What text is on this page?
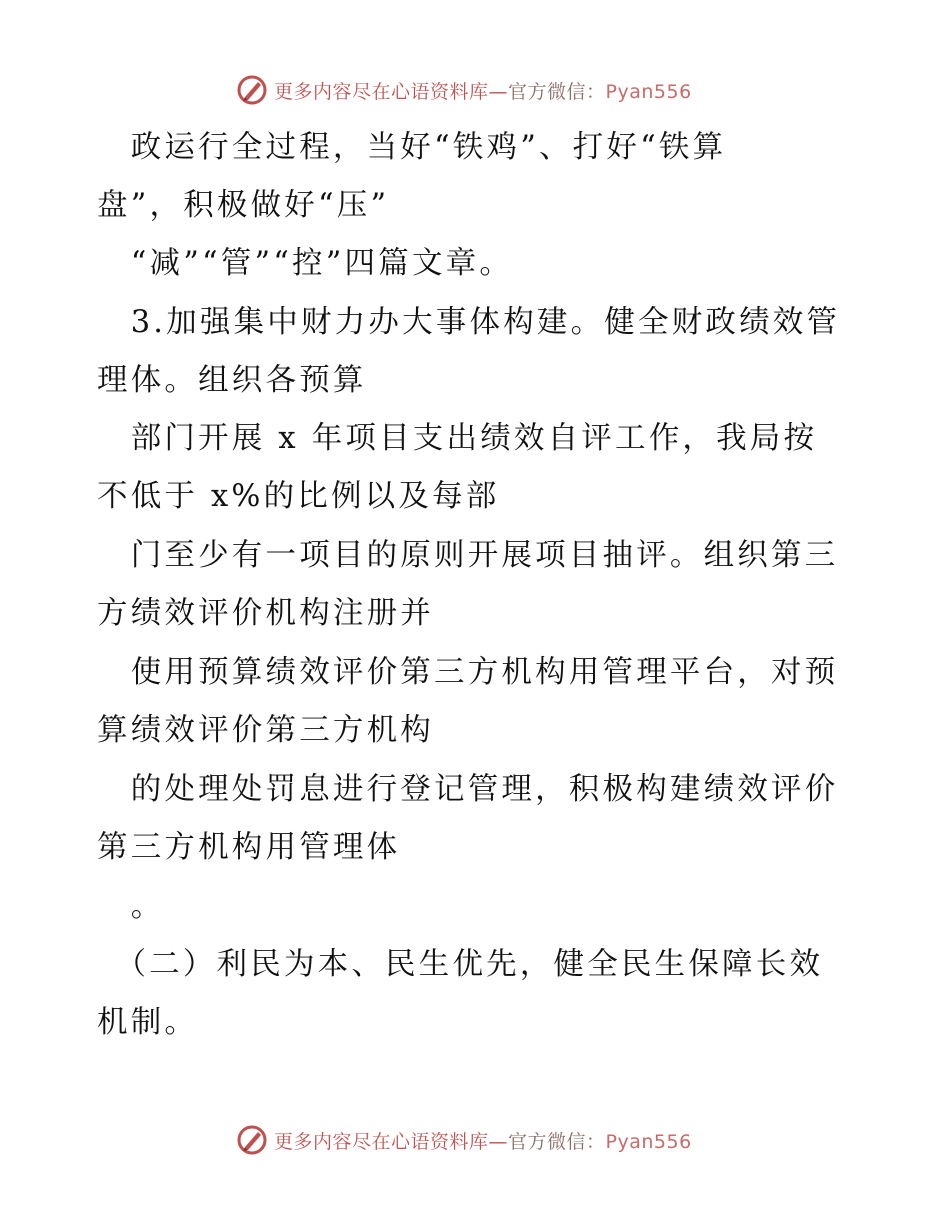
更多内容尽在心语资料库—官方微信：Pyan556
　政运行全过程，当好“铁鸡”、打好“铁算
盘”，积极做好“压”
　“减”“管”“控”四篇文章。
　3.加强集中财力办大事体构建。健全财政绩效管
理体。组织各预算
　部门开展 x 年项目支出绩效自评工作，我局按
不低于 x%的比例以及每部
　门至少有一项目的原则开展项目抽评。组织第三
方绩效评价机构注册并
　使用预算绩效评价第三方机构用管理平台，对预
算绩效评价第三方机构
　的处理处罚息进行登记管理，积极构建绩效评价
第三方机构用管理体
　。
　（二）利民为本、民生优先，健全民生保障长效
机制。
更多内容尽在心语资料库—官方微信：Pyan556
